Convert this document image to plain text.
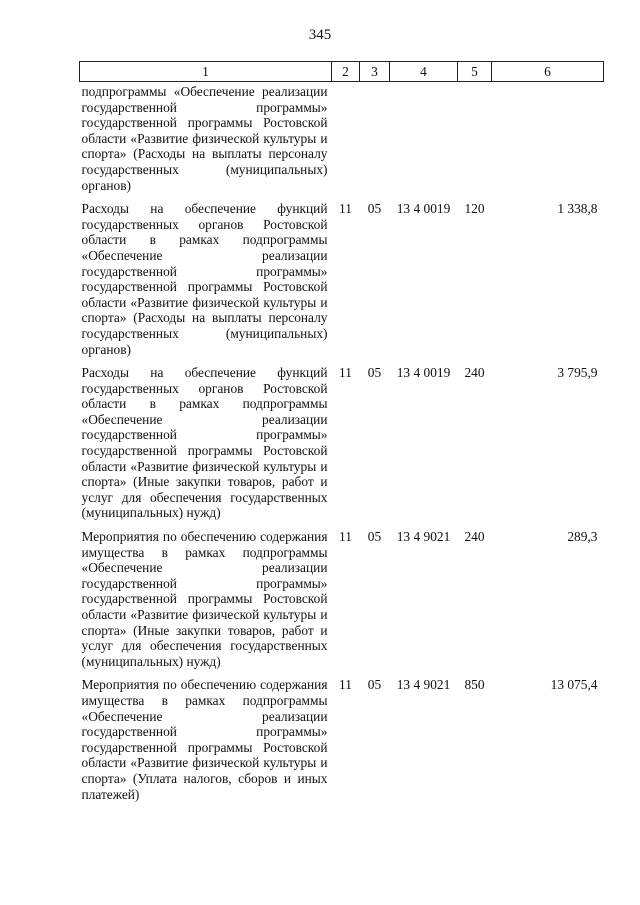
345
1	2	3	4	5	6
подпрограммы «Обеспечение реализации государственной программы» государственной программы Ростовской области «Развитие физической культуры и спорта» (Расходы на выплаты персоналу государственных (муниципальных) органов)					
Расходы на обеспечение функций государственных органов Ростовской области в рамках подпрограммы «Обеспечение реализации государственной программы» государственной программы Ростовской области «Развитие физической культуры и спорта» (Расходы на выплаты персоналу государственных (муниципальных) органов)	11	05	13 4 0019	120	1 338,8
Расходы на обеспечение функций государственных органов Ростовской области в рамках подпрограммы «Обеспечение реализации государственной программы» государственной программы Ростовской области «Развитие физической культуры и спорта» (Иные закупки товаров, работ и услуг для обеспечения государственных (муниципальных) нужд)	11	05	13 4 0019	240	3 795,9
Мероприятия по обеспечению содержания имущества в рамках подпрограммы «Обеспечение реализации государственной программы» государственной программы Ростовской области «Развитие физической культуры и спорта» (Иные закупки товаров, работ и услуг для обеспечения государственных (муниципальных) нужд)	11	05	13 4 9021	240	289,3
Мероприятия по обеспечению содержания имущества в рамках подпрограммы «Обеспечение реализации государственной программы» государственной программы Ростовской области «Развитие физической культуры и спорта» (Уплата налогов, сборов и иных платежей)	11	05	13 4 9021	850	13 075,4
